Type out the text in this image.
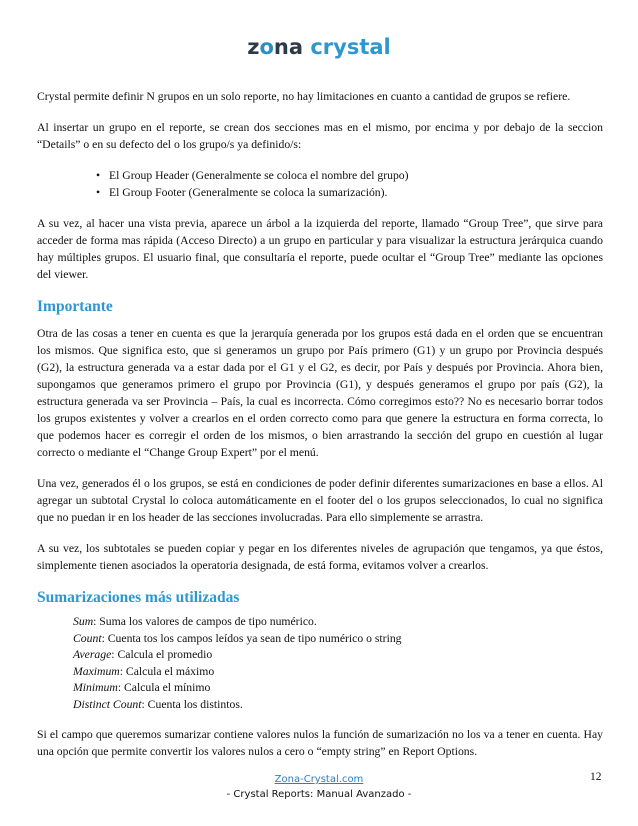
zona crystal

Crystal permite definir N grupos en un solo reporte, no hay limitaciones en cuanto a cantidad de grupos se refiere.

Al insertar un grupo en el reporte, se crean dos secciones mas en el mismo, por encima y por debajo de la seccion “Details” o en su defecto del o los grupo/s ya definido/s:

• El Group Header (Generalmente se coloca el nombre del grupo)
• El Group Footer (Generalmente se coloca la sumarización).

A su vez, al hacer una vista previa, aparece un árbol a la izquierda del reporte, llamado “Group Tree”, que sirve para acceder de forma mas rápida (Acceso Directo) a un grupo en particular y para visualizar la estructura jerárquica cuando hay múltiples grupos. El usuario final, que consultaría el reporte, puede ocultar el “Group Tree” mediante las opciones del viewer.

Importante

Otra de las cosas a tener en cuenta es que la jerarquía generada por los grupos está dada en el orden que se encuentran los mismos. Que significa esto, que si generamos un grupo por País primero (G1) y un grupo por Provincia después (G2), la estructura generada va a estar dada por el G1 y el G2, es decir, por País y después por Provincia. Ahora bien, supongamos que generamos primero el grupo por Provincia (G1), y después generamos el grupo por país (G2), la estructura generada va ser Provincia – País, la cual es incorrecta. Cómo corregimos esto?? No es necesario borrar todos los grupos existentes y volver a crearlos en el orden correcto como para que genere la estructura en forma correcta, lo que podemos hacer es corregir el orden de los mismos, o bien arrastrando la sección del grupo en cuestión al lugar correcto o mediante el “Change Group Expert” por el menú.

Una vez, generados él o los grupos, se está en condiciones de poder definir diferentes sumarizaciones en base a ellos. Al agregar un subtotal Crystal lo coloca automáticamente en el footer del o los grupos seleccionados, lo cual no significa que no puedan ir en los header de las secciones involucradas. Para ello simplemente se arrastra.

A su vez, los subtotales se pueden copiar y pegar en los diferentes niveles de agrupación que tengamos, ya que éstos, simplemente tienen asociados la operatoria designada, de está forma, evitamos volver a crearlos.

Sumarizaciones más utilizadas
Sum: Suma los valores de campos de tipo numérico.
Count: Cuenta tos los campos leídos ya sean de tipo numérico o string
Average: Calcula el promedio
Maximum: Calcula el máximo
Minimum: Calcula el mínimo
Distinct Count: Cuenta los distintos.

Si el campo que queremos sumarizar contiene valores nulos la función de sumarización no los va a tener en cuenta. Hay una opción que permite convertir los valores nulos a cero o “empty string” en Report Options.

Zona-Crystal.com
- Crystal Reports: Manual Avanzado -
12
